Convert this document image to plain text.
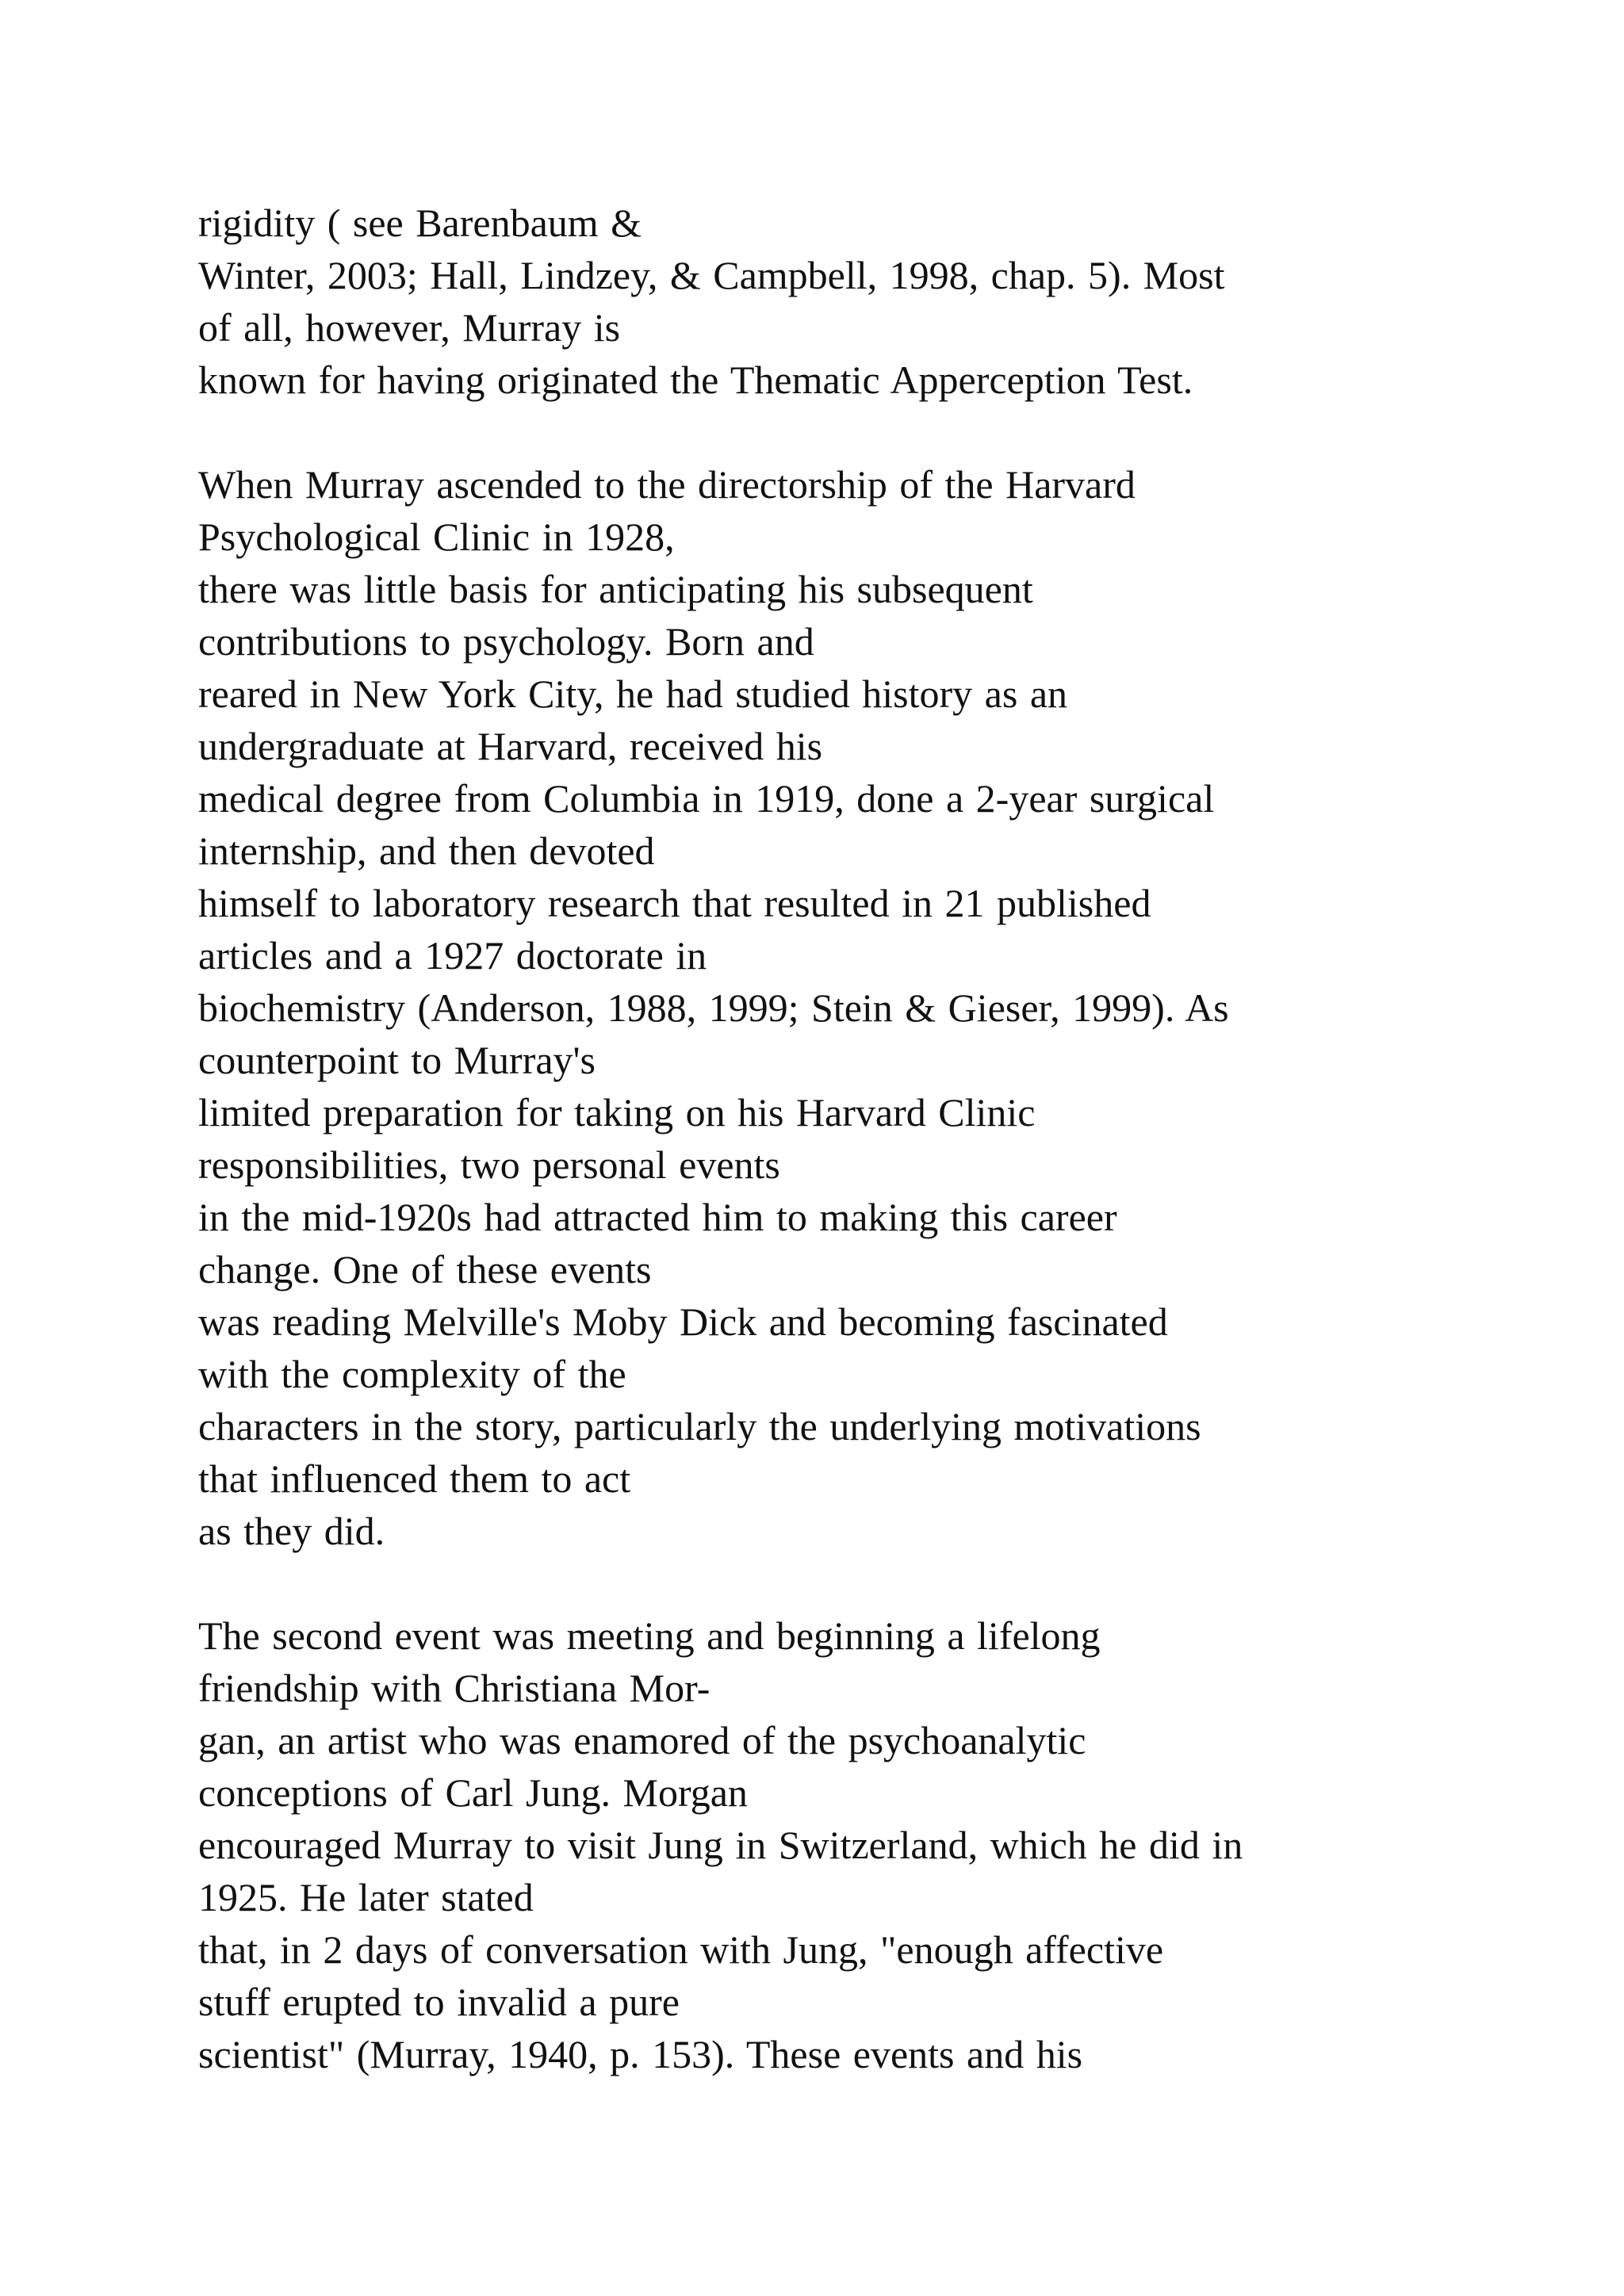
rigidity ( see Barenbaum &
Winter, 2003; Hall, Lindzey, & Campbell, 1998, chap. 5). Most
of all, however, Murray is
known for having originated the Thematic Apperception Test.

When Murray ascended to the directorship of the Harvard
Psychological Clinic in 1928,
there was little basis for anticipating his subsequent
contributions to psychology. Born and
reared in New York City, he had studied history as an
undergraduate at Harvard, received his
medical degree from Columbia in 1919, done a 2-year surgical
internship, and then devoted
himself to laboratory research that resulted in 21 published
articles and a 1927 doctorate in
biochemistry (Anderson, 1988, 1999; Stein & Gieser, 1999). As
counterpoint to Murray's
limited preparation for taking on his Harvard Clinic
responsibilities, two personal events
in the mid-1920s had attracted him to making this career
change. One of these events
was reading Melville's Moby Dick and becoming fascinated
with the complexity of the
characters in the story, particularly the underlying motivations
that influenced them to act
as they did.

The second event was meeting and beginning a lifelong
friendship with Christiana Mor-
gan, an artist who was enamored of the psychoanalytic
conceptions of Carl Jung. Morgan
encouraged Murray to visit Jung in Switzerland, which he did in
1925. He later stated
that, in 2 days of conversation with Jung, "enough affective
stuff erupted to invalid a pure
scientist" (Murray, 1940, p. 153). These events and his
